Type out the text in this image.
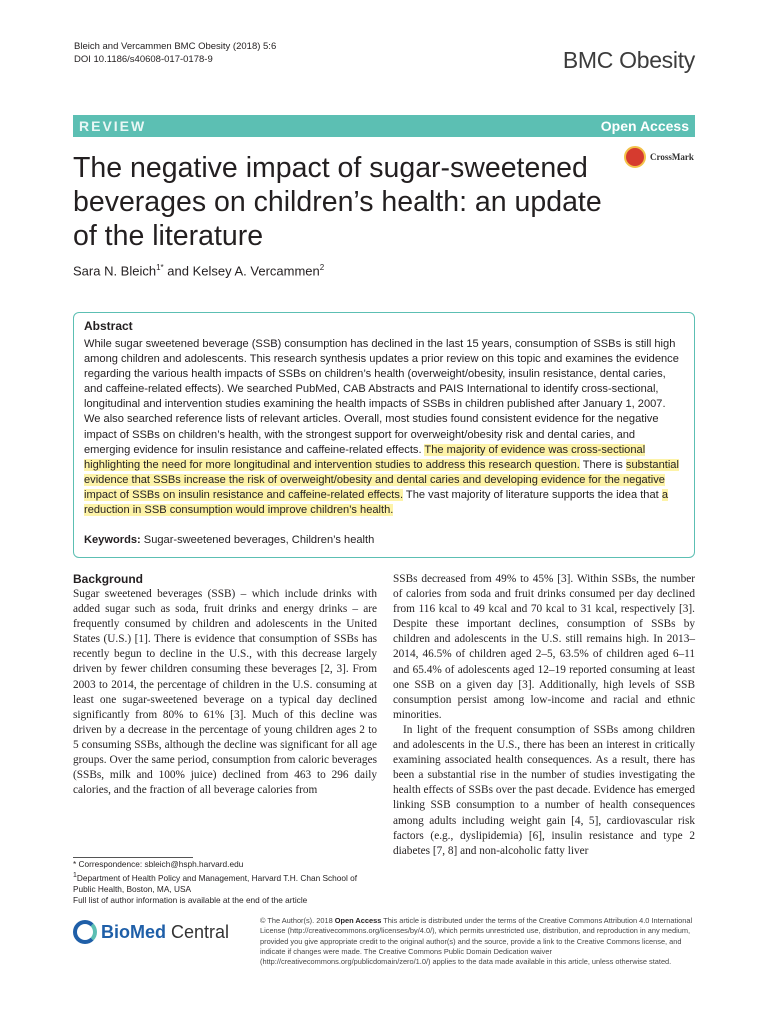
Bleich and Vercammen BMC Obesity (2018) 5:6
DOI 10.1186/s40608-017-0178-9	BMC Obesity
REVIEW	Open Access
CrossMark
The negative impact of sugar-sweetened beverages on children’s health: an update of the literature
Sara N. Bleich$^{1*}$ and Kelsey A. Vercammen$^2$
Abstract
While sugar sweetened beverage (SSB) consumption has declined in the last 15 years, consumption of SSBs is still high among children and adolescents. This research synthesis updates a prior review on this topic and examines the evidence regarding the various health impacts of SSBs on children’s health (overweight/obesity, insulin resistance, dental caries, and caffeine-related effects). We searched PubMed, CAB Abstracts and PAIS International to identify cross-sectional, longitudinal and intervention studies examining the health impacts of SSBs in children published after January 1, 2007. We also searched reference lists of relevant articles. Overall, most studies found consistent evidence for the negative impact of SSBs on children’s health, with the strongest support for overweight/obesity risk and dental caries, and emerging evidence for insulin resistance and caffeine-related effects. The majority of evidence was cross-sectional highlighting the need for more longitudinal and intervention studies to address this research question. There is substantial evidence that SSBs increase the risk of overweight/obesity and dental caries and developing evidence for the negative impact of SSBs on insulin resistance and caffeine-related effects. The vast majority of literature supports the idea that a reduction in SSB consumption would improve children’s health.
Keywords: Sugar-sweetened beverages, Children’s health
Background

Sugar sweetened beverages (SSB) – which include drinks with added sugar such as soda, fruit drinks and energy drinks – are frequently consumed by children and adolescents in the United States (U.S.) [1]. There is evidence that consumption of SSBs has recently begun to decline in the U.S., with this decrease largely driven by fewer children consuming these beverages [2, 3]. From 2003 to 2014, the percentage of children in the U.S. consuming at least one sugar-sweetened beverage on a typical day declined significantly from 80% to 61% [3]. Much of this decline was driven by a decrease in the percentage of young children ages 2 to 5 consuming SSBs, although the decline was significant for all age groups. Over the same period, consumption from caloric beverages (SSBs, milk and 100% juice) declined from 463 to 296 daily calories, and the fraction of all beverage calories from

SSBs decreased from 49% to 45% [3]. Within SSBs, the number of calories from soda and fruit drinks consumed per day declined from 116 kcal to 49 kcal and 70 kcal to 31 kcal, respectively [3]. Despite these important declines, consumption of SSBs by children and adolescents in the U.S. still remains high. In 2013–2014, 46.5% of children aged 2–5, 63.5% of children aged 6–11 and 65.4% of adolescents aged 12–19 reported consuming at least one SSB on a given day [3]. Additionally, high levels of SSB consumption persist among low-income and racial and ethnic minorities.

In light of the frequent consumption of SSBs among children and adolescents in the U.S., there has been an interest in critically examining associated health consequences. As a result, there has been a substantial rise in the number of studies investigating the health effects of SSBs over the past decade. Evidence has emerged linking SSB consumption to a number of health consequences among adults including weight gain [4, 5], cardiovascular risk factors (e.g., dyslipidemia) [6], insulin resistance and type 2 diabetes [7, 8] and non-alcoholic fatty liver

* Correspondence: sbleich@hsph.harvard.edu
$^1$Department of Health Policy and Management, Harvard T.H. Chan School of Public Health, Boston, MA, USA
Full list of author information is available at the end of the article
BioMed Central
© The Author(s). 2018 Open Access This article is distributed under the terms of the Creative Commons Attribution 4.0 International License (http://creativecommons.org/licenses/by/4.0/), which permits unrestricted use, distribution, and reproduction in any medium, provided you give appropriate credit to the original author(s) and the source, provide a link to the Creative Commons license, and indicate if changes were made. The Creative Commons Public Domain Dedication waiver (http://creativecommons.org/publicdomain/zero/1.0/) applies to the data made available in this article, unless otherwise stated.
